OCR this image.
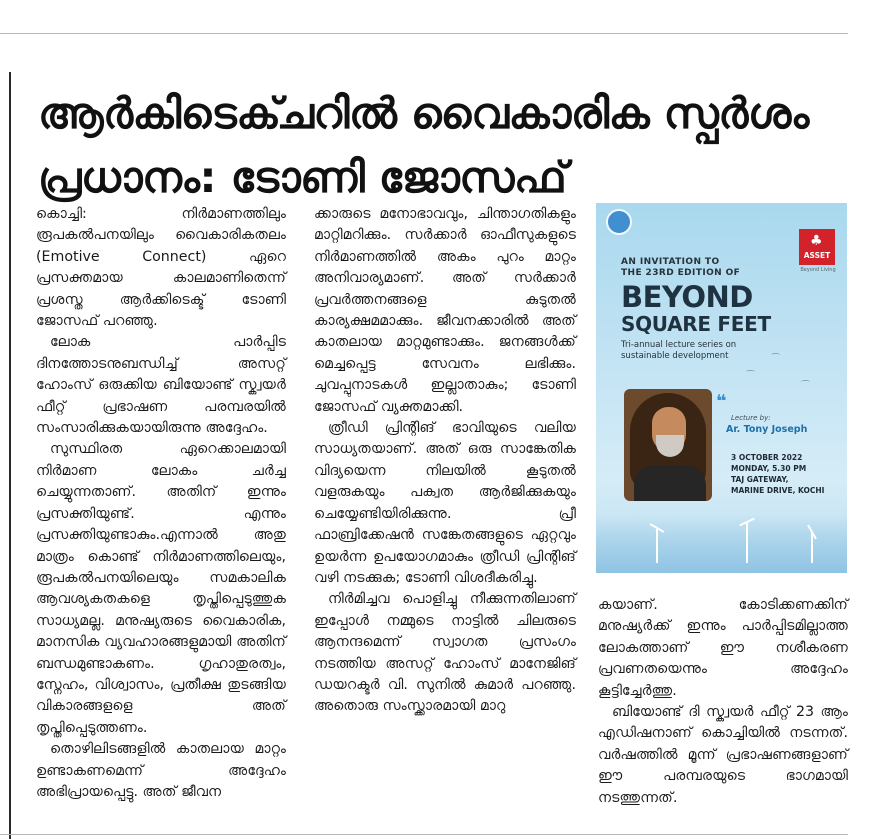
ആർകിടെക്ചറിൽ വൈകാരിക സ്പർശം
പ്രധാനം: ടോണി ജോസഫ്

കൊച്ചി: നിർമാണത്തിലും രൂപകൽപനയിലും വൈകാരികതലം (Emotive Connect) ഏറെ പ്രസക്തമായ കാലമാണിതെന്ന് പ്രശസ്ത ആർക്കിടെക്ട് ടോണി ജോസഫ് പറഞ്ഞു.

ലോക പാർപ്പിട ദിനത്തോടനുബന്ധിച്ച് അസറ്റ് ഹോംസ് ഒരുക്കിയ ബിയോണ്ട് സ്ക്വയർ ഫീറ്റ് പ്രഭാഷണ പരമ്പരയിൽ സംസാരിക്കുകയായിരുന്നു അദ്ദേഹം.

സുസ്ഥിരത ഏറെക്കാലമായി നിർമാണ ലോകം ചർച്ച ചെയ്യുന്നതാണ്. അതിന് ഇന്നും പ്രസക്തിയുണ്ട്. എന്നും പ്രസക്തിയുണ്ടാകും.എന്നാൽ അതു മാത്രം കൊണ്ട് നിർമാണത്തിലെയും, രൂപകൽപനയിലെയും സമകാലിക ആവശ്യകതകളെ തൃപ്തിപ്പെടുത്തുക സാധ്യമല്ല. മനുഷ്യരുടെ വൈകാരിക, മാനസിക വ്യവഹാരങ്ങളുമായി അതിന് ബന്ധമുണ്ടാകണം. ഗൃഹാതുരത്വം, സ്നേഹം, വിശ്വാസം, പ്രതീക്ഷ തുടങ്ങിയ വികാരങ്ങളളെ അത് തൃപ്തിപ്പെടുത്തണം.

തൊഴിലിടങ്ങളിൽ കാതലായ മാറ്റം ഉണ്ടാകണമെന്ന് അദ്ദേഹം അഭിപ്രായപ്പെട്ടു. അത് ജീവന

ക്കാരുടെ മനോഭാവവും, ചിന്താഗതികളും മാറ്റിമറിക്കും. സർക്കാർ ഓഫീസുകളുടെ നിർമാണത്തിൽ അകം പുറം മാറ്റം അനിവാര്യമാണ്. അത് സർക്കാർ പ്രവർത്തനങ്ങളെ കുടുതൽ കാര്യക്ഷമമാക്കും. ജീവനക്കാരിൽ അത് കാതലായ മാറ്റമുണ്ടാക്കും. ജനങ്ങൾക്ക് മെച്ചപ്പെട്ട സേവനം ലഭിക്കും. ചുവപ്പുനാടകൾ ഇല്ലാതാകും; ടോണി ജോസഫ് വ്യക്തമാക്കി.

ത്രീഡി പ്രിന്റിങ് ഭാവിയുടെ വലിയ സാധ്യതയാണ്. അത് ഒരു സാങ്കേതിക വിദ്യയെന്ന നിലയിൽ കൂടുതൽ വളരുകയും പക്വത ആർജിക്കുകയും ചെയ്യേണ്ടിയിരിക്കുന്നു. പ്രീ ഫാബ്രിക്കേഷൻ സങ്കേതങ്ങളുടെ ഏറ്റവും ഉയർന്ന ഉപയോഗമാകും ത്രീഡി പ്രിന്റിങ് വഴി നടക്കുക; ടോണി വിശദീകരിച്ചു.

നിർമിച്ചവ പൊളിച്ചു നീക്കുന്നതിലാണ് ഇപ്പോൾ നമ്മുടെ നാട്ടിൽ ചിലരുടെ ആനന്ദമെന്ന് സ്വാഗത പ്രസംഗം നടത്തിയ അസറ്റ് ഹോംസ് മാനേജിങ് ഡയറക്ടർ വി. സുനിൽ കുമാർ പറഞ്ഞു. അതൊരു സംസ്ക്കാരമായി മാറു

♣
ASSET
Beyond Living
AN INVITATION TO
THE 23RD EDITION OF
BEYOND
SQUARE FEET
Tri-annual lecture series on sustainable development
⌒
⌒
⌒
❝
Lecture by:
Ar. Tony Joseph
3 OCTOBER 2022
MONDAY, 5.30 PM
TAJ GATEWAY,
MARINE DRIVE, KOCHI

കയാണ്. കോടിക്കണക്കിന് മനുഷ്യർക്ക് ഇന്നും പാർപ്പിടമില്ലാത്ത ലോകത്താണ് ഈ നശീകരണ പ്രവണതയെന്നും അദ്ദേഹം കൂട്ടിച്ചേർത്തു.

ബിയോണ്ട് ദി സ്ക്വയർ ഫീറ്റ് 23 ആം എഡിഷനാണ് കൊച്ചിയിൽ നടന്നത്. വർഷത്തിൽ മൂന്ന് പ്രഭാഷണങ്ങളാണ് ഈ പരമ്പരയുടെ ഭാഗമായി നടത്തുന്നത്.
